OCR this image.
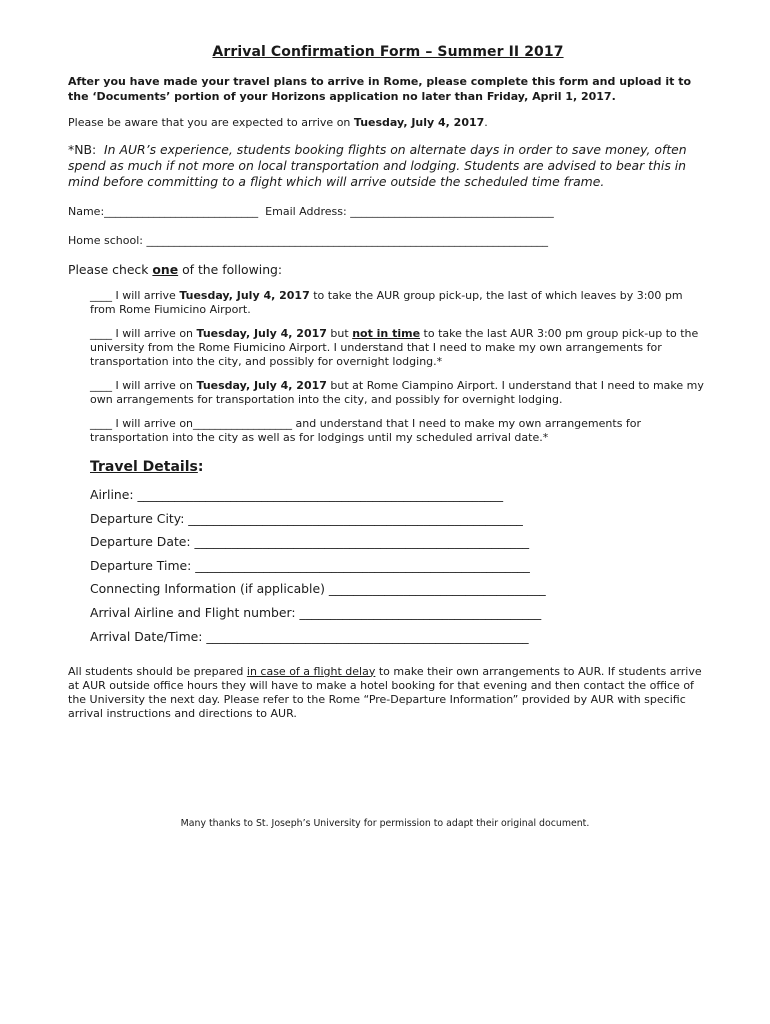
Arrival Confirmation Form – Summer II 2017
After you have made your travel plans to arrive in Rome, please complete this form and upload it to the ‘Documents’ portion of your Horizons application no later than Friday, April 1, 2017.
Please be aware that you are expected to arrive on Tuesday, July 4, 2017.
*NB: In AUR’s experience, students booking flights on alternate days in order to save money, often spend as much if not more on local transportation and lodging. Students are advised to bear this in mind before committing to a flight which will arrive outside the scheduled time frame.
Name:____________________________ Email Address: _____________________________________
Home school: _________________________________________________________________________
Please check one of the following:
____ I will arrive Tuesday, July 4, 2017 to take the AUR group pick-up, the last of which leaves by 3:00 pm from Rome Fiumicino Airport.
____ I will arrive on Tuesday, July 4, 2017 but not in time to take the last AUR 3:00 pm group pick-up to the university from the Rome Fiumicino Airport. I understand that I need to make my own arrangements for transportation into the city, and possibly for overnight lodging.*
____ I will arrive on Tuesday, July 4, 2017 but at Rome Ciampino Airport. I understand that I need to make my own arrangements for transportation into the city, and possibly for overnight lodging.
____ I will arrive on__________________ and understand that I need to make my own arrangements for transportation into the city as well as for lodgings until my scheduled arrival date.*
Travel Details:
Airline: ___________________________________________________________
Departure City: ______________________________________________________
Departure Date: ______________________________________________________
Departure Time: ______________________________________________________
Connecting Information (if applicable) ___________________________________
Arrival Airline and Flight number: _______________________________________
Arrival Date/Time: ____________________________________________________
All students should be prepared in case of a flight delay to make their own arrangements to AUR. If students arrive at AUR outside office hours they will have to make a hotel booking for that evening and then contact the office of the University the next day. Please refer to the Rome “Pre-Departure Information” provided by AUR with specific arrival instructions and directions to AUR.
Many thanks to St. Joseph’s University for permission to adapt their original document.
